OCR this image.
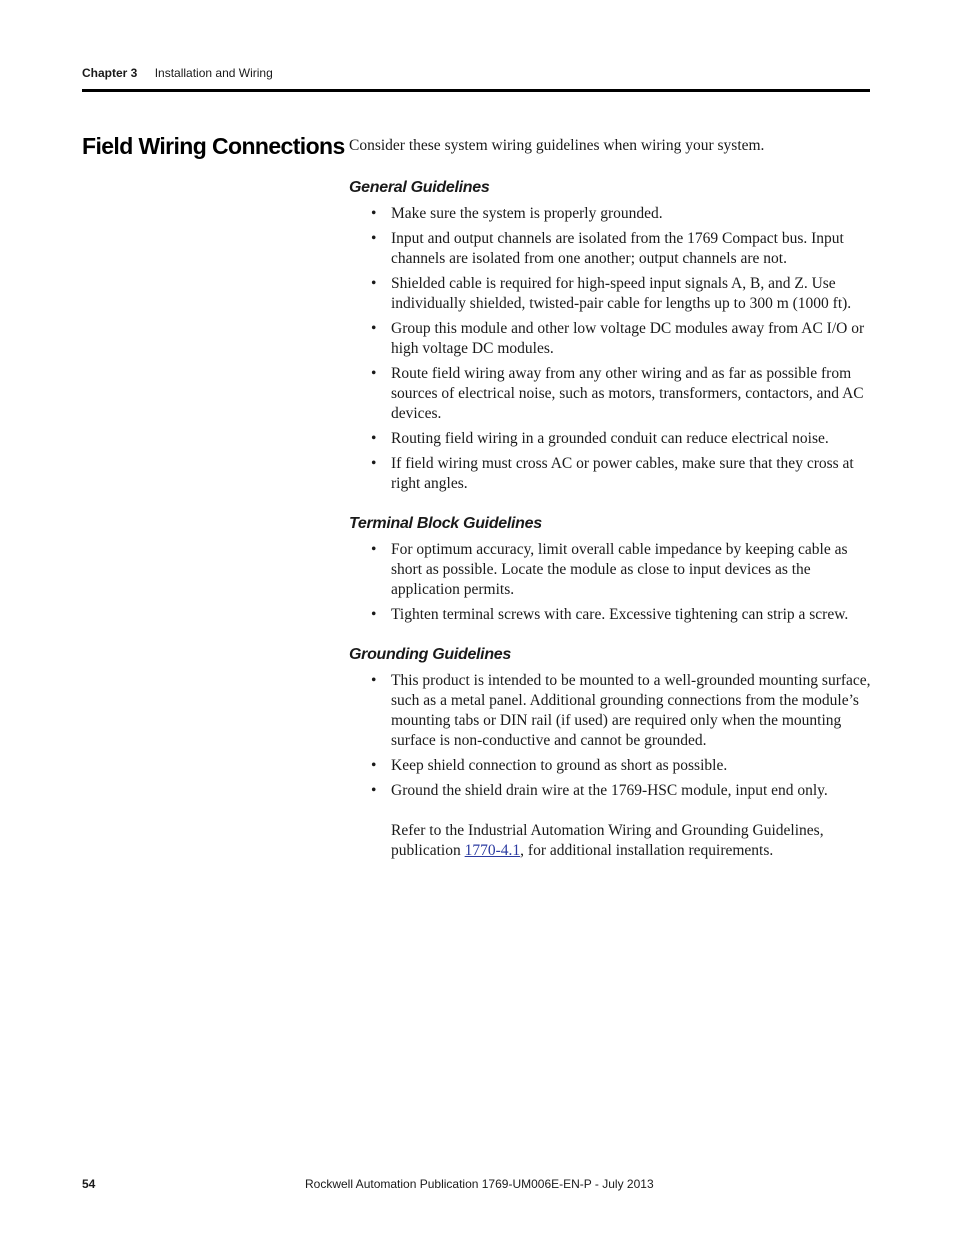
Chapter 3 Installation and Wiring
Field Wiring Connections Consider these system wiring guidelines when wiring your system.

General Guidelines
• Make sure the system is properly grounded.
• Input and output channels are isolated from the 1769 Compact bus. Input channels are isolated from one another; output channels are not.
• Shielded cable is required for high-speed input signals A, B, and Z. Use individually shielded, twisted-pair cable for lengths up to 300 m (1000 ft).
• Group this module and other low voltage DC modules away from AC I/O or high voltage DC modules.
• Route field wiring away from any other wiring and as far as possible from sources of electrical noise, such as motors, transformers, contactors, and AC devices.
• Routing field wiring in a grounded conduit can reduce electrical noise.
• If field wiring must cross AC or power cables, make sure that they cross at right angles.
Terminal Block Guidelines
• For optimum accuracy, limit overall cable impedance by keeping cable as short as possible. Locate the module as close to input devices as the application permits.
• Tighten terminal screws with care. Excessive tightening can strip a screw.
Grounding Guidelines
• This product is intended to be mounted to a well-grounded mounting surface, such as a metal panel. Additional grounding connections from the module’s mounting tabs or DIN rail (if used) are required only when the mounting surface is non-conductive and cannot be grounded.
• Keep shield connection to ground as short as possible.
• Ground the shield drain wire at the 1769-HSC module, input end only.

Refer to the Industrial Automation Wiring and Grounding Guidelines, publication 1770-4.1, for additional installation requirements.

54	Rockwell Automation Publication 1769-UM006E-EN-P - July 2013
